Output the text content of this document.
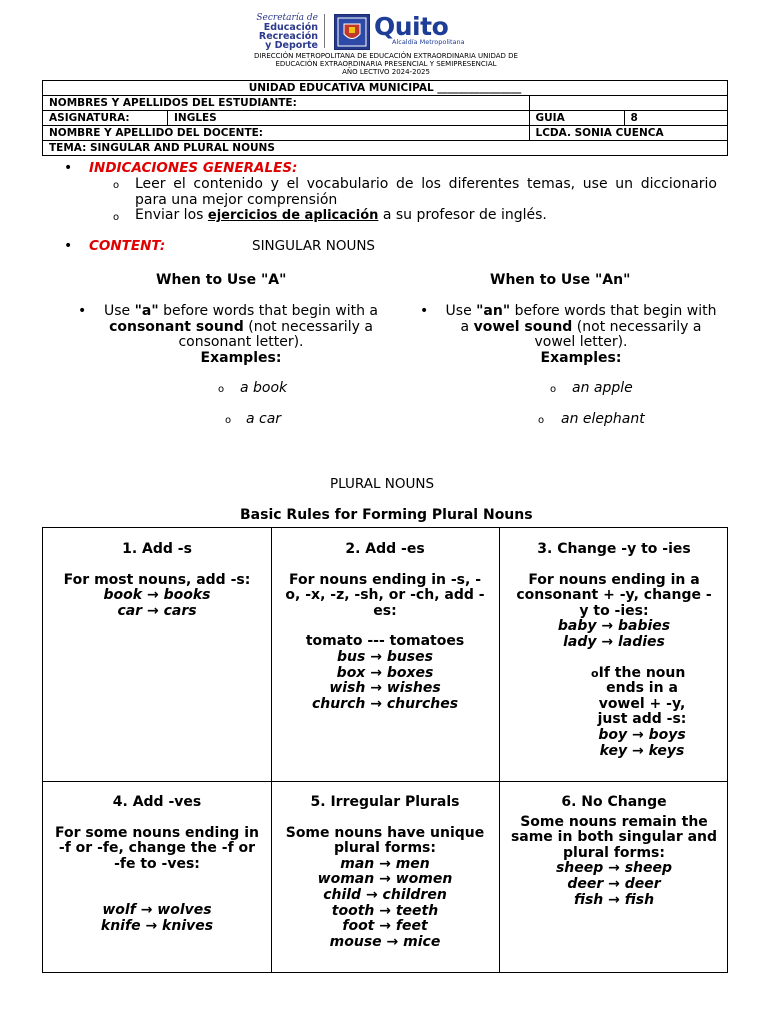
Secretaría de
Educación
Recreación
y Deporte
Quito
Alcaldía Metropolitana
DIRECCIÓN METROPOLITANA DE EDUCACIÓN EXTRAORDINARIA UNIDAD DE
EDUCACIÓN EXTRAORDINARIA PRESENCIAL Y SEMIPRESENCIAL
AÑO LECTIVO 2024-2025
UNIDAD EDUCATIVA MUNICIPAL ________________		
NOMBRES Y APELLIDOS DEL ESTUDIANTE:		
ASIGNATURA:	INGLES	GUIA 8
NOMBRE Y APELLIDO DEL DOCENTE:		LCDA. SONIA CUENCA
TEMA: SINGULAR AND PLURAL NOUNS		
• INDICACIONES GENERALES:
o Leer el contenido y el vocabulario de los diferentes temas, use un diccionario
para una mejor comprensión
o Enviar los ejercicios de aplicación a su profesor de inglés.
• CONTENT:	SINGULAR NOUNS
When to Use "A"
•	Use "a" before words that begin with a
consonant sound (not necessarily a
consonant letter).
Examples:
o a book
o a car
When to Use "An"
•	Use "an" before words that begin with
a vowel sound (not necessarily a
vowel letter).
Examples:
o an apple
o an elephant
PLURAL NOUNS
Basic Rules for Forming Plural Nouns
1. Add -s
For most nouns, add -s:
book → books
car → cars
2. Add -es
For nouns ending in -s, -
o, -x, -z, -sh, or -ch, add -
es:
tomato --- tomatoes
bus → buses
box → boxes
wish → wishes
church → churches
3. Change -y to -ies
For nouns ending in a
consonant + -y, change -
y to -ies:
baby → babies
lady → ladies
o If the noun
ends in a
vowel + -y,
just add -s:
boy → boys
key → keys
4. Add -ves
For some nouns ending in
-f or -fe, change the -f or
-fe to -ves:
wolf → wolves
knife → knives
5. Irregular Plurals
Some nouns have unique
plural forms:
man → men
woman → women
child → children
tooth → teeth
foot → feet
mouse → mice
6. No Change
Some nouns remain the
same in both singular and
plural forms:
sheep → sheep
deer → deer
fish → fish
